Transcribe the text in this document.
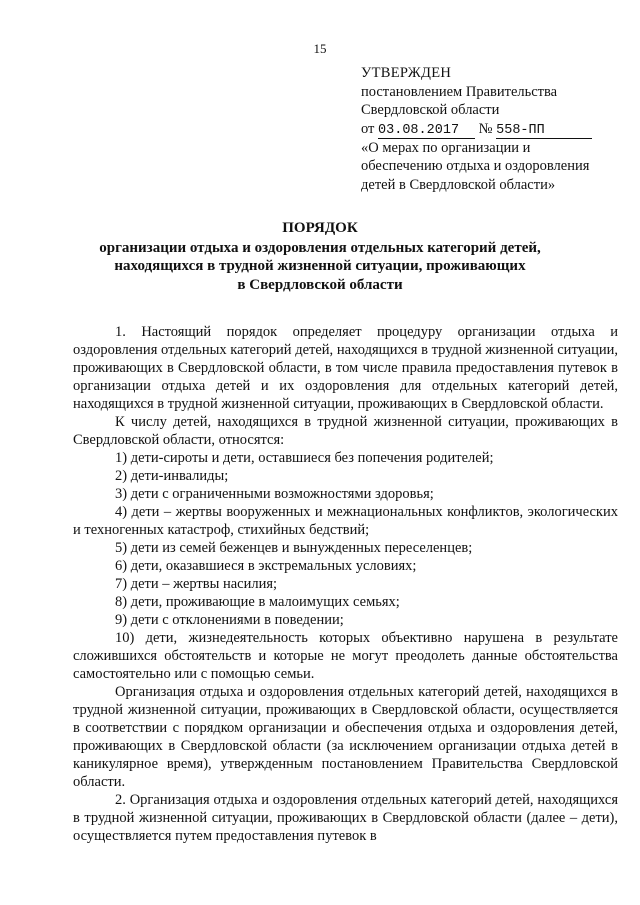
15
УТВЕРЖДЕН
постановлением Правительства
Свердловской области
от 03.08.2017 № 558-ПП
«О мерах по организации и
обеспечению отдыха и оздоровления
детей в Свердловской области»
ПОРЯДОК
организации отдыха и оздоровления отдельных категорий детей,
находящихся в трудной жизненной ситуации, проживающих
в Свердловской области

1. Настоящий порядок определяет процедуру организации отдыха и оздоровления отдельных категорий детей, находящихся в трудной жизненной ситуации, проживающих в Свердловской области, в том числе правила предоставления путевок в организации отдыха детей и их оздоровления для отдельных категорий детей, находящихся в трудной жизненной ситуации, проживающих в Свердловской области.

К числу детей, находящихся в трудной жизненной ситуации, проживающих в Свердловской области, относятся:

1) дети-сироты и дети, оставшиеся без попечения родителей;

2) дети-инвалиды;

3) дети с ограниченными возможностями здоровья;

4) дети – жертвы вооруженных и межнациональных конфликтов, экологических и техногенных катастроф, стихийных бедствий;

5) дети из семей беженцев и вынужденных переселенцев;

6) дети, оказавшиеся в экстремальных условиях;

7) дети – жертвы насилия;

8) дети, проживающие в малоимущих семьях;

9) дети с отклонениями в поведении;

10) дети, жизнедеятельность которых объективно нарушена в результате сложившихся обстоятельств и которые не могут преодолеть данные обстоятельства самостоятельно или с помощью семьи.

Организация отдыха и оздоровления отдельных категорий детей, находящихся в трудной жизненной ситуации, проживающих в Свердловской области, осуществляется в соответствии с порядком организации и обеспечения отдыха и оздоровления детей, проживающих в Свердловской области (за исключением организации отдыха детей в каникулярное время), утвержденным постановлением Правительства Свердловской области.

2. Организация отдыха и оздоровления отдельных категорий детей, находящихся в трудной жизненной ситуации, проживающих в Свердловской области (далее – дети), осуществляется путем предоставления путевок в
